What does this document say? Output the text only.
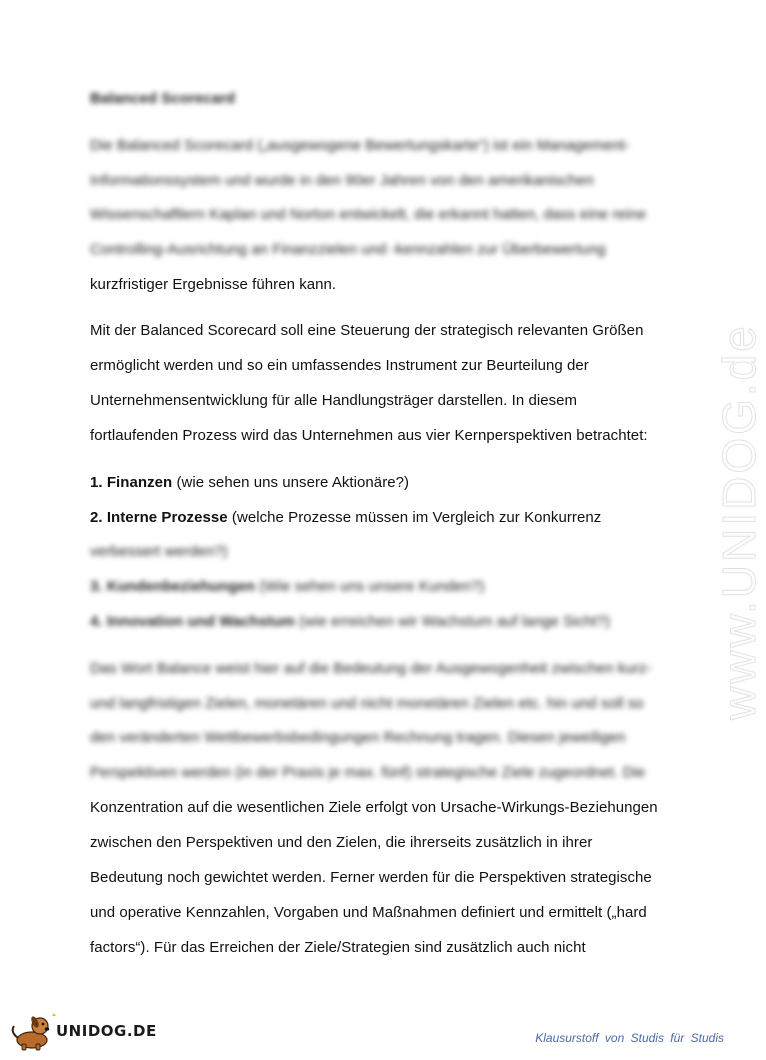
www.UNIDOG.de
Balanced Scorecard
Die Balanced Scorecard („ausgewogene Bewertungskarte“) ist ein Management-
Informationssystem und wurde in den 90er Jahren von den amerikanischen
Wissenschaftlern Kaplan und Norton entwickelt, die erkannt hatten, dass eine reine
Controlling-Ausrichtung an Finanzzielen und -kennzahlen zur Überbewertung
kurzfristiger Ergebnisse führen kann.
Mit der Balanced Scorecard soll eine Steuerung der strategisch relevanten Größen
ermöglicht werden und so ein umfassendes Instrument zur Beurteilung der
Unternehmensentwicklung für alle Handlungsträger darstellen. In diesem
fortlaufenden Prozess wird das Unternehmen aus vier Kernperspektiven betrachtet:
1. Finanzen (wie sehen uns unsere Aktionäre?)
2. Interne Prozesse (welche Prozesse müssen im Vergleich zur Konkurrenz
verbessert werden?)
3. Kundenbeziehungen (Wie sehen uns unsere Kunden?)
4. Innovation und Wachstum (wie erreichen wir Wachstum auf lange Sicht?)
Das Wort Balance weist hier auf die Bedeutung der Ausgewogenheit zwischen kurz-
und langfristigen Zielen, monetären und nicht monetären Zielen etc. hin und soll so
den veränderten Wettbewerbsbedingungen Rechnung tragen. Diesen jeweiligen
Perspektiven werden (in der Praxis je max. fünf) strategische Ziele zugeordnet. Die
Konzentration auf die wesentlichen Ziele erfolgt von Ursache-Wirkungs-Beziehungen
zwischen den Perspektiven und den Zielen, die ihrerseits zusätzlich in ihrer
Bedeutung noch gewichtet werden. Ferner werden für die Perspektiven strategische
und operative Kennzahlen, Vorgaben und Maßnahmen definiert und ermittelt („hard
factors“). Für das Erreichen der Ziele/Strategien sind zusätzlich auch nicht
UNIDOG.DE	Klausurstoff von Studis für Studis
